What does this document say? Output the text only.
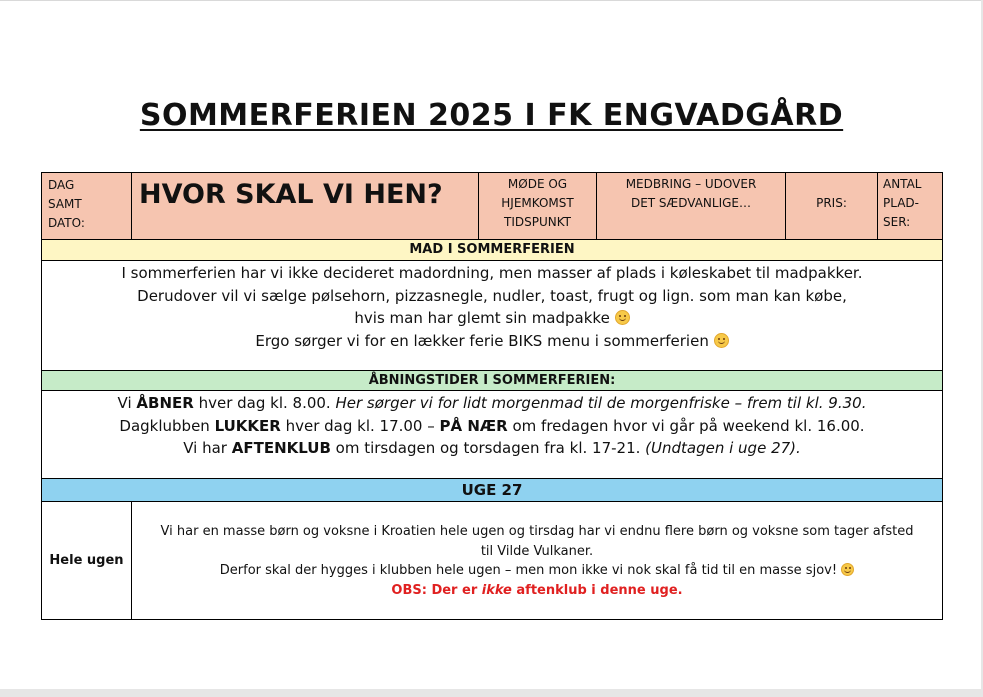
SOMMERFERIEN 2025 I FK ENGVADGÅRD
DAG
SAMT
DATO:
HVOR SKAL VI HEN?	MØDE OG
HJEMKOMST
TIDSPUNKT
MEDBRING – UDOVER
DET SÆDVANLIGE…	PRIS:
ANTAL
PLAD-
SER:
MAD I SOMMERFERIEN
I sommerferien har vi ikke decideret madordning, men masser af plads i køleskabet til madpakker.
Derudover vil vi sælge pølsehorn, pizzasnegle, nudler, toast, frugt og lign. som man kan købe,
hvis man har glemt sin madpakke
Ergo sørger vi for en lækker ferie BIKS menu i sommerferien
ÅBNINGSTIDER I SOMMERFERIEN:
Vi ÅBNER hver dag kl. 8.00. Her sørger vi for lidt morgenmad til de morgenfriske – frem til kl. 9.30.
Dagklubben LUKKER hver dag kl. 17.00 – PÅ NÆR om fredagen hvor vi går på weekend kl. 16.00.
Vi har AFTENKLUB om tirsdagen og torsdagen fra kl. 17-21. (Undtagen i uge 27).
UGE 27
Hele ugen
Vi har en masse børn og voksne i Kroatien hele ugen og tirsdag har vi endnu flere børn og voksne som tager afsted
til Vilde Vulkaner.
Derfor skal der hygges i klubben hele ugen – men mon ikke vi nok skal få tid til en masse sjov!
OBS: Der er ikke aftenklub i denne uge.
